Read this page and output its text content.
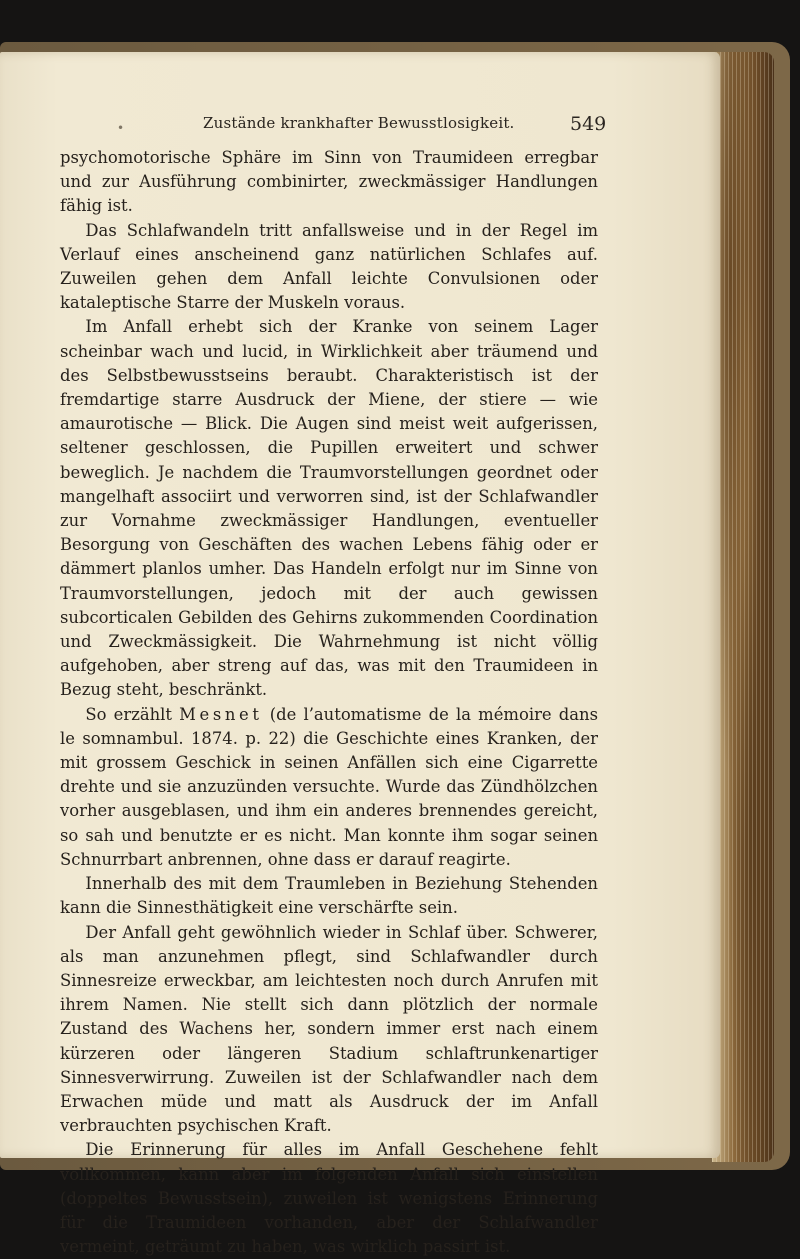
•	Zustände krankhafter Bewusstlosigkeit.	549

psychomotorische Sphäre im Sinn von Traumideen erregbar und zur Ausführung combinirter, zweckmässiger Handlungen fähig ist.

Das Schlafwandeln tritt anfallsweise und in der Regel im Verlauf eines anscheinend ganz natürlichen Schlafes auf. Zuweilen gehen dem Anfall leichte Convulsionen oder kataleptische Starre der Muskeln voraus.

Im Anfall erhebt sich der Kranke von seinem Lager scheinbar wach und lucid, in Wirklichkeit aber träumend und des Selbstbewusstseins beraubt. Charakteristisch ist der fremdartige starre Ausdruck der Miene, der stiere — wie amaurotische — Blick. Die Augen sind meist weit aufgerissen, seltener geschlossen, die Pupillen erweitert und schwer beweglich. Je nachdem die Traumvorstellungen geordnet oder mangelhaft associirt und verworren sind, ist der Schlafwandler zur Vornahme zweckmässiger Handlungen, eventueller Besorgung von Geschäften des wachen Lebens fähig oder er dämmert planlos umher. Das Handeln erfolgt nur im Sinne von Traumvorstellungen, jedoch mit der auch gewissen subcorticalen Gebilden des Gehirns zukommenden Coordination und Zweckmässigkeit. Die Wahrnehmung ist nicht völlig aufgehoben, aber streng auf das, was mit den Traumideen in Bezug steht, beschränkt.

So erzählt Mesnet (de l’automatisme de la mémoire dans le somnambul. 1874. p. 22) die Geschichte eines Kranken, der mit grossem Geschick in seinen Anfällen sich eine Cigarrette drehte und sie anzuzünden versuchte. Wurde das Zündhölzchen vorher ausgeblasen, und ihm ein anderes brennendes gereicht, so sah und benutzte er es nicht. Man konnte ihm sogar seinen Schnurrbart anbrennen, ohne dass er darauf reagirte.

Innerhalb des mit dem Traumleben in Beziehung Stehenden kann die Sinnesthätigkeit eine verschärfte sein.

Der Anfall geht gewöhnlich wieder in Schlaf über. Schwerer, als man anzunehmen pflegt, sind Schlafwandler durch Sinnesreize erweckbar, am leichtesten noch durch Anrufen mit ihrem Namen. Nie stellt sich dann plötzlich der normale Zustand des Wachens her, sondern immer erst nach einem kürzeren oder längeren Stadium schlaftrunkenartiger Sinnesverwirrung. Zuweilen ist der Schlafwandler nach dem Erwachen müde und matt als Ausdruck der im Anfall verbrauchten psychischen Kraft.

Die Erinnerung für alles im Anfall Geschehene fehlt vollkommen, kann aber im folgenden Anfall sich einstellen (doppeltes Bewusstsein), zuweilen ist wenigstens Erinnerung für die Traumideen vorhanden, aber der Schlafwandler vermeint, geträumt zu haben, was wirklich passirt ist.
